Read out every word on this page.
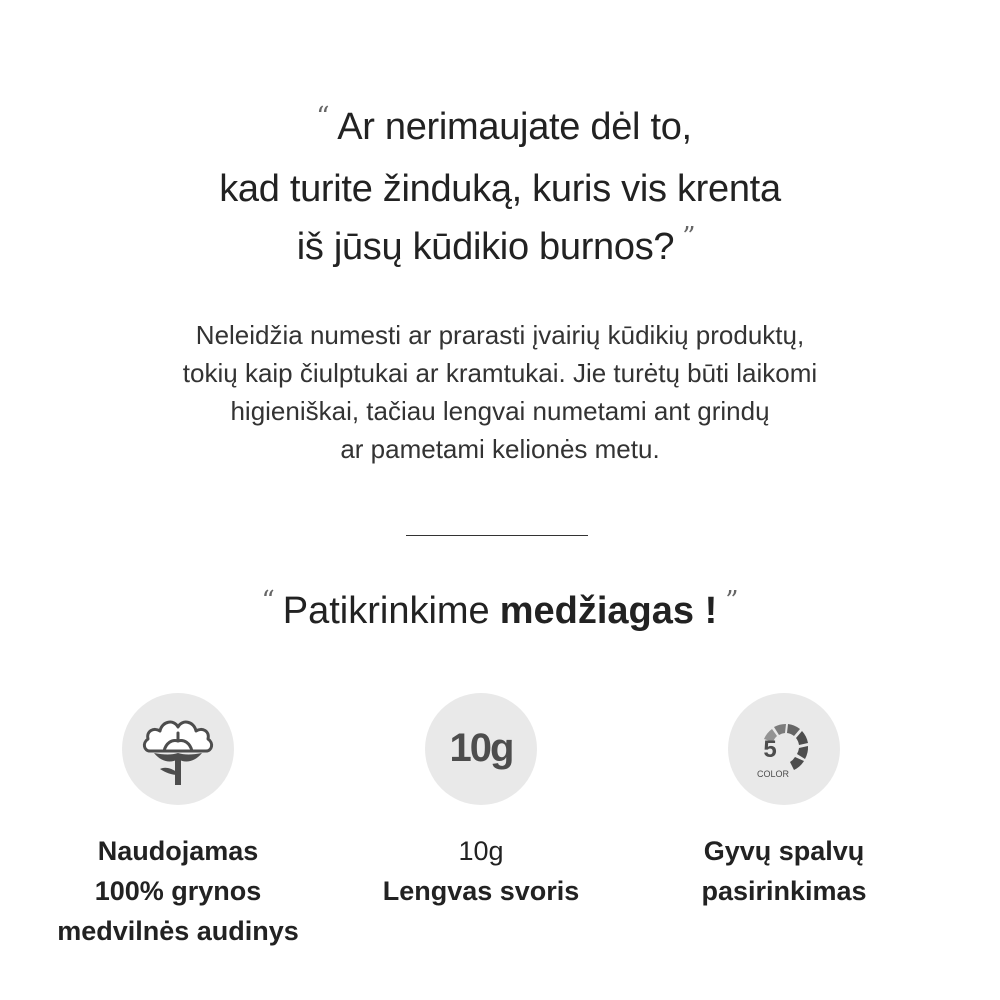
“ Ar nerimaujate dėl to,
kad turite žinduką, kuris vis krenta
iš jūsų kūdikio burnos? ”
Neleidžia numesti ar prarasti įvairių kūdikių produktų,
tokių kaip čiulptukai ar kramtukai. Jie turėtų būti laikomi
higieniškai, tačiau lengvai numetami ant grindų
ar pametami kelionės metu.
“ Patikrinkime medžiagas ! ”
Naudojamas
100% grynos
medvilnės audinys
10g
10g
Lengvas svoris
5
COLOR
Gyvų spalvų
pasirinkimas
